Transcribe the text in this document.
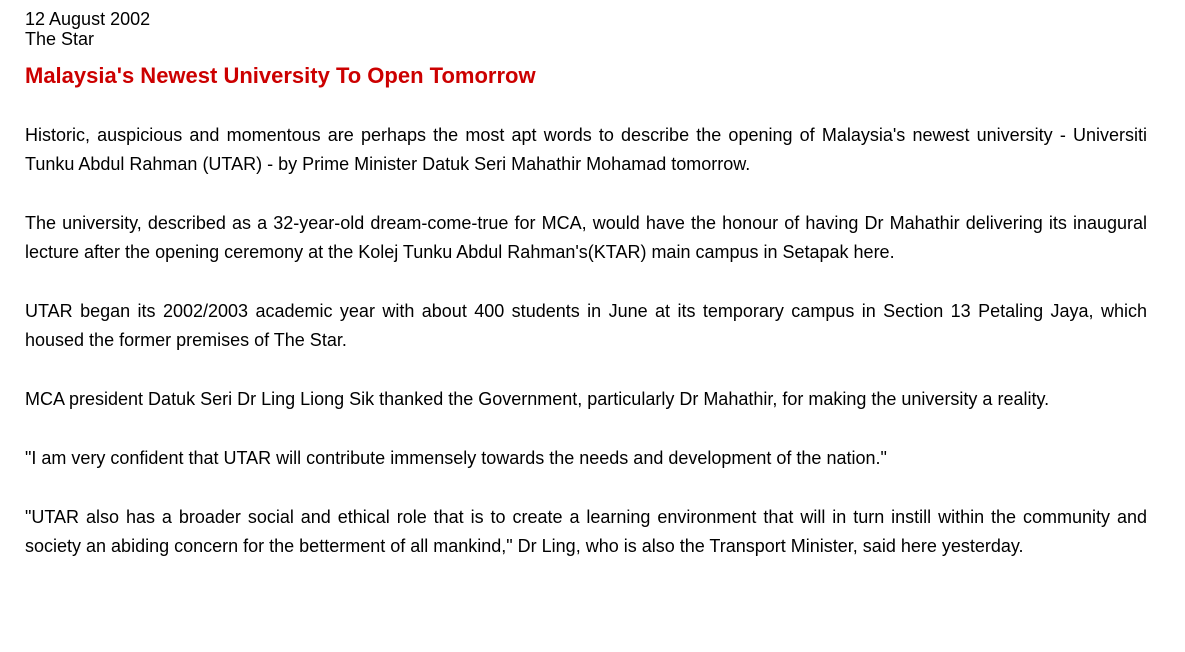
12 August 2002

The Star

Malaysia's Newest University To Open Tomorrow

Historic, auspicious and momentous are perhaps the most apt words to describe the opening of Malaysia's newest university - Universiti Tunku Abdul Rahman (UTAR) - by Prime Minister Datuk Seri Mahathir Mohamad tomorrow.

The university, described as a 32-year-old dream-come-true for MCA, would have the honour of having Dr Mahathir delivering its inaugural lecture after the opening ceremony at the Kolej Tunku Abdul Rahman's(KTAR) main campus in Setapak here.

UTAR began its 2002/2003 academic year with about 400 students in June at its temporary campus in Section 13 Petaling Jaya, which housed the former premises of The Star.

MCA president Datuk Seri Dr Ling Liong Sik thanked the Government, particularly Dr Mahathir, for making the university a reality.

"I am very confident that UTAR will contribute immensely towards the needs and development of the nation."

"UTAR also has a broader social and ethical role that is to create a learning environment that will in turn instill within the community and society an abiding concern for the betterment of all mankind," Dr Ling, who is also the Transport Minister, said here yesterday.
